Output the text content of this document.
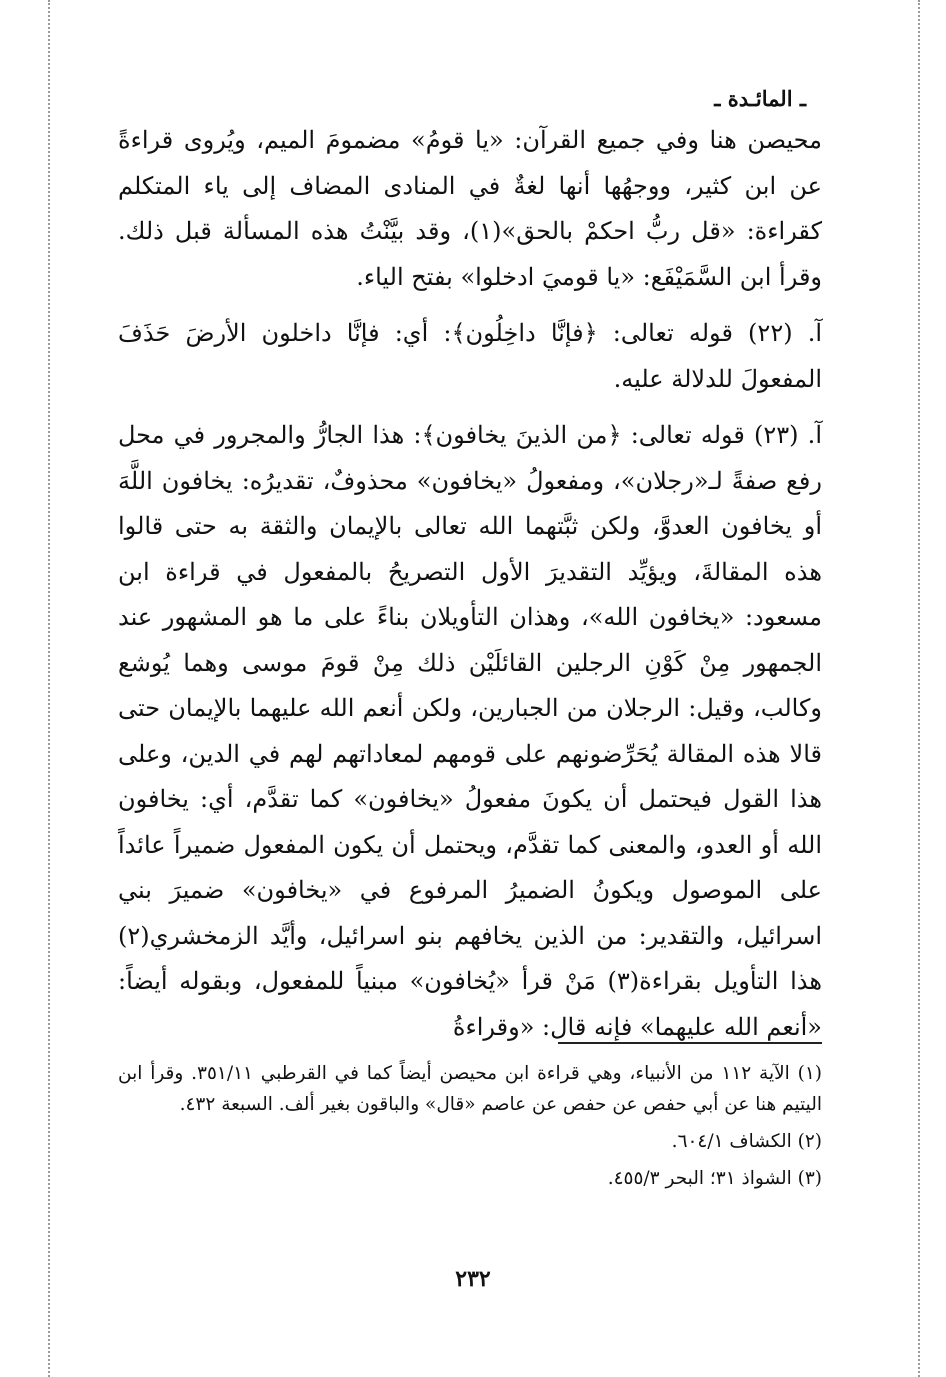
ـ المائـدة ـ

محيصن هنا وفي جميع القرآن: «يا قومُ» مضمومَ الميم، ويُروى قراءةً عن ابن كثير، ووجهُها أنها لغةٌ في المنادى المضاف إلى ياء المتكلم كقراءة: «قل ربُّ احكمْ بالحق»(١)، وقد بيَّنْتُ هذه المسألة قبل ذلك. وقرأ ابن السَّمَيْفَع: «يا قوميَ ادخلوا» بفتح الياء.

آ. (٢٢) قوله تعالى: ﴿فإنَّا داخِلُون﴾: أي: فإنَّا داخلون الأرضَ حَذَفَ المفعولَ للدلالة عليه.

آ. (٢٣) قوله تعالى: ﴿من الذينَ يخافون﴾: هذا الجارُّ والمجرور في محل رفع صفةً لـ«رجلان»، ومفعولُ «يخافون» محذوفٌ، تقديرُه: يخافون اللَّهَ أو يخافون العدوَّ، ولكن ثبَّتهما الله تعالى بالإيمان والثقة به حتى قالوا هذه المقالةَ، ويؤيِّد التقديرَ الأول التصريحُ بالمفعول في قراءة ابن مسعود: «يخافون الله»، وهذان التأويلان بناءً على ما هو المشهور عند الجمهور مِنْ كَوْنِ الرجلين القائلَيْن ذلك مِنْ قومَ موسى وهما يُوشع وكالب، وقيل: الرجلان من الجبارين، ولكن أنعم الله عليهما بالإيمان حتى قالا هذه المقالة يُحَرِّضونهم على قومهم لمعاداتهم لهم في الدين، وعلى هذا القول فيحتمل أن يكونَ مفعولُ «يخافون» كما تقدَّم، أي: يخافون الله أو العدو، والمعنى كما تقدَّم، ويحتمل أن يكون المفعول ضميراً عائداً على الموصول ويكونُ الضميرُ المرفوع في «يخافون» ضميرَ بني اسرائيل، والتقدير: من الذين يخافهم بنو اسرائيل، وأيَّد الزمخشري(٢) هذا التأويل بقراءة(٣) مَنْ قرأ «يُخافون» مبنياً للمفعول، وبقوله أيضاً: «أنعم الله عليهما» فإنه قال: «وقراءةُ

(١) الآية ١١٢ من الأنبياء، وهي قراءة ابن محيصن أيضاً كما في القرطبي ٣٥١/١١. وقرأ ابن اليتيم هنا عن أبي حفص عن حفص عن عاصم «قال» والباقون بغير ألف. السبعة ٤٣٢.

(٢) الكشاف ٦٠٤/١.

(٣) الشواذ ٣١؛ البحر ٤٥٥/٣.

٢٣٢
